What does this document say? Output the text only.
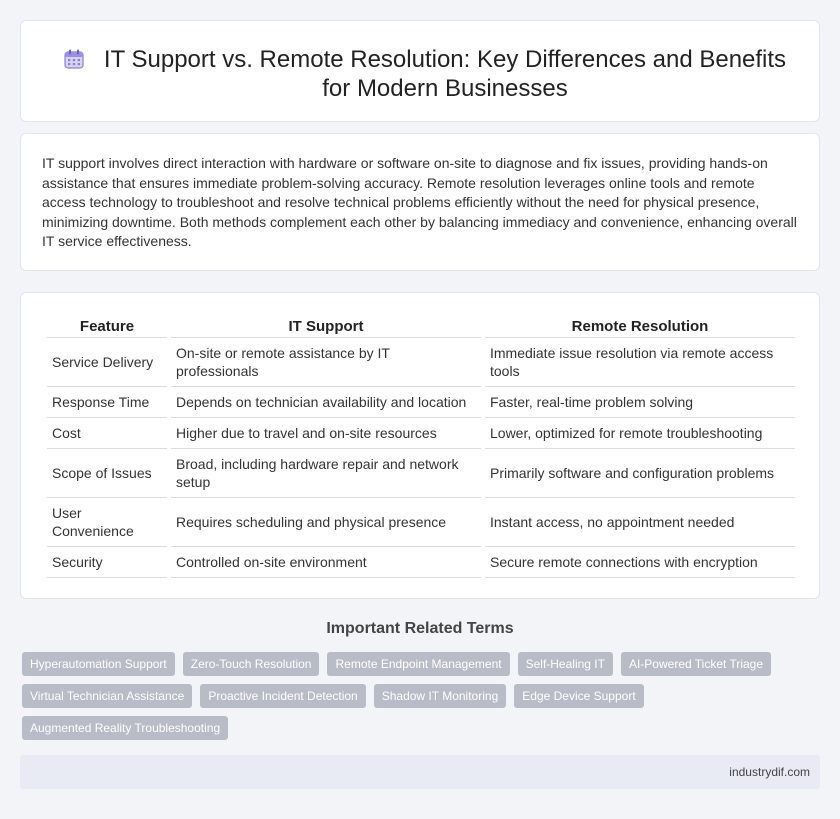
IT Support vs. Remote Resolution: Key Differences and Benefits for Modern Businesses

IT support involves direct interaction with hardware or software on-site to diagnose and fix issues, providing hands-on assistance that ensures immediate problem-solving accuracy. Remote resolution leverages online tools and remote access technology to troubleshoot and resolve technical problems efficiently without the need for physical presence, minimizing downtime. Both methods complement each other by balancing immediacy and convenience, enhancing overall IT service effectiveness.

Feature	IT Support	Remote Resolution
Service Delivery	On-site or remote assistance by IT professionals	Immediate issue resolution via remote access tools
Response Time	Depends on technician availability and location	Faster, real-time problem solving
Cost	Higher due to travel and on-site resources	Lower, optimized for remote troubleshooting
Scope of Issues	Broad, including hardware repair and network setup	Primarily software and configuration problems
User Convenience	Requires scheduling and physical presence	Instant access, no appointment needed
Security	Controlled on-site environment	Secure remote connections with encryption
Important Related Terms
Hyperautomation Support	Zero-Touch Resolution	Remote Endpoint Management	Self-Healing IT	AI-Powered Ticket Triage
Virtual Technician Assistance	Proactive Incident Detection	Shadow IT Monitoring	Edge Device Support
Augmented Reality Troubleshooting
industrydif.com
